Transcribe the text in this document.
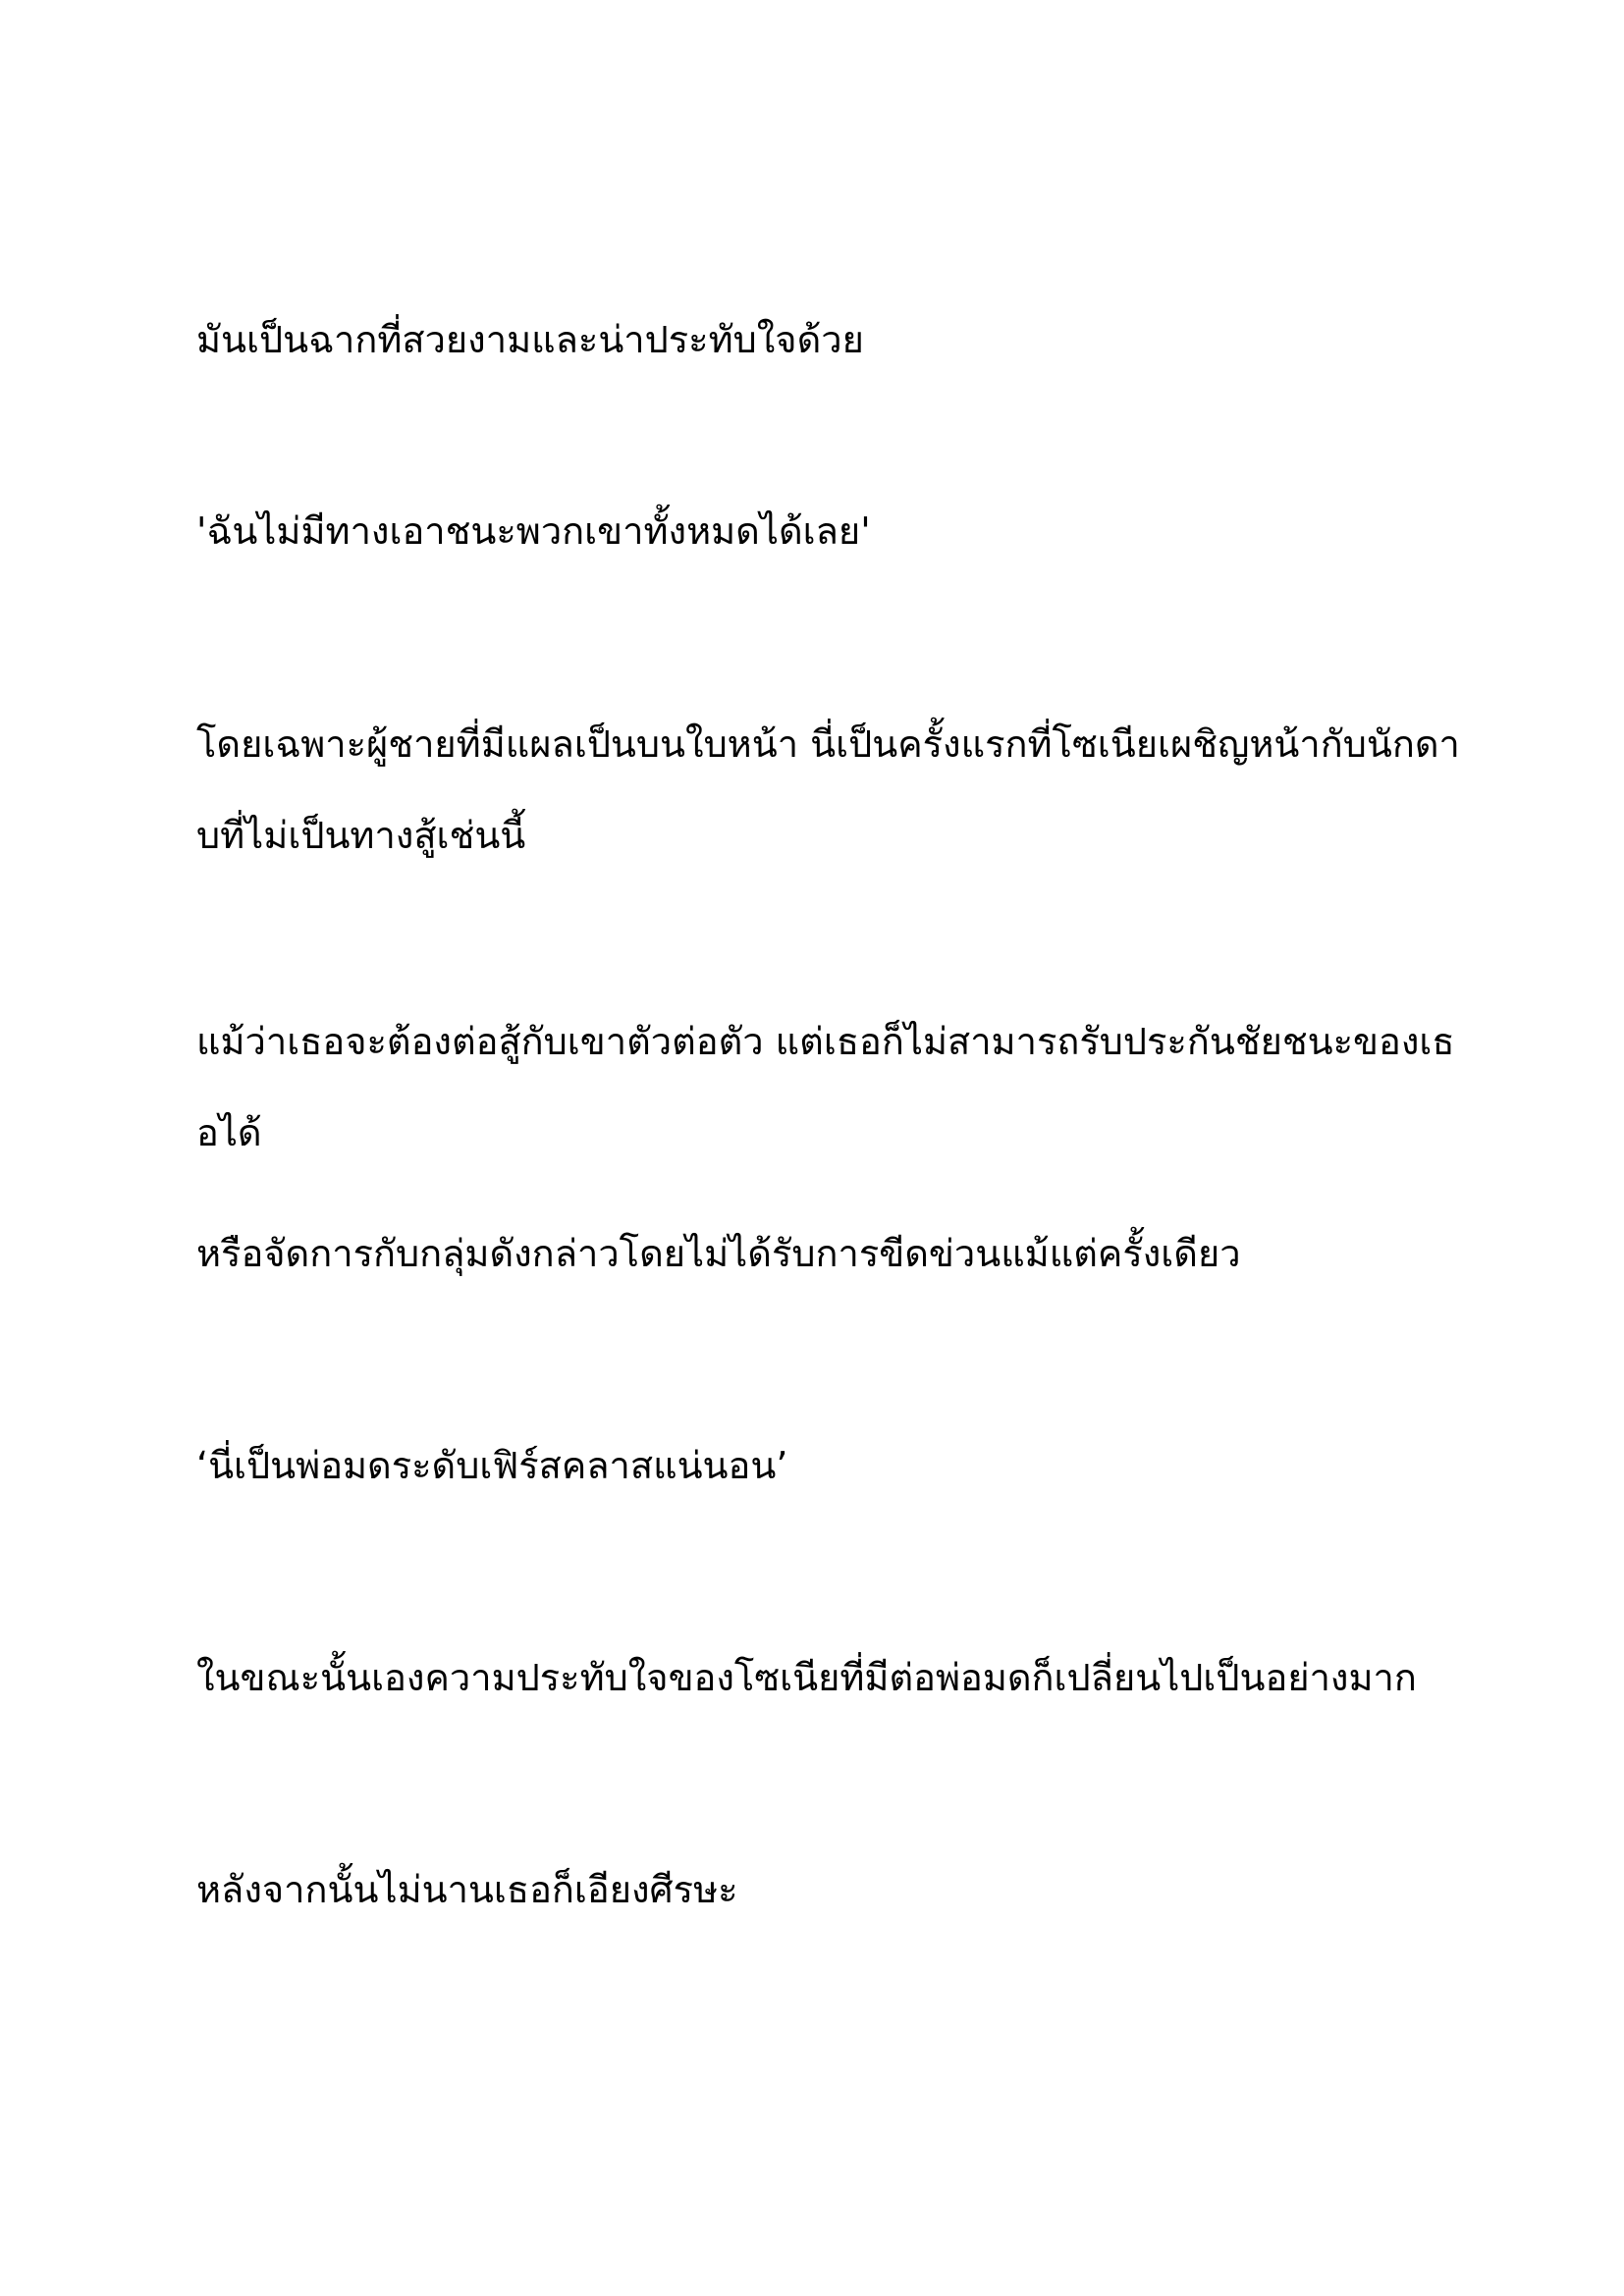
มันเป็นฉากที่สวยงามและน่าประทับใจด้วย

'ฉันไม่มีทางเอาชนะพวกเขาทั้งหมดได้เลย'

โดยเฉพาะผู้ชายที่มีแผลเป็นบนใบหน้า นี่เป็นครั้งแรกที่โซเนียเผชิญหน้ากับนักดาบที่ไม่เป็นทางสู้เช่นนี้

แม้ว่าเธอจะต้องต่อสู้กับเขาตัวต่อตัว แต่เธอก็ไม่สามารถรับประกันชัยชนะของเธอได้

หรือจัดการกับกลุ่มดังกล่าวโดยไม่ได้รับการขีดข่วนแม้แต่ครั้งเดียว

‘นี่เป็นพ่อมดระดับเฟิร์สคลาสแน่นอน’

ในขณะนั้นเองความประทับใจของโซเนียที่มีต่อพ่อมดก็เปลี่ยนไปเป็นอย่างมาก

หลังจากนั้นไม่นานเธอก็เอียงศีรษะ
